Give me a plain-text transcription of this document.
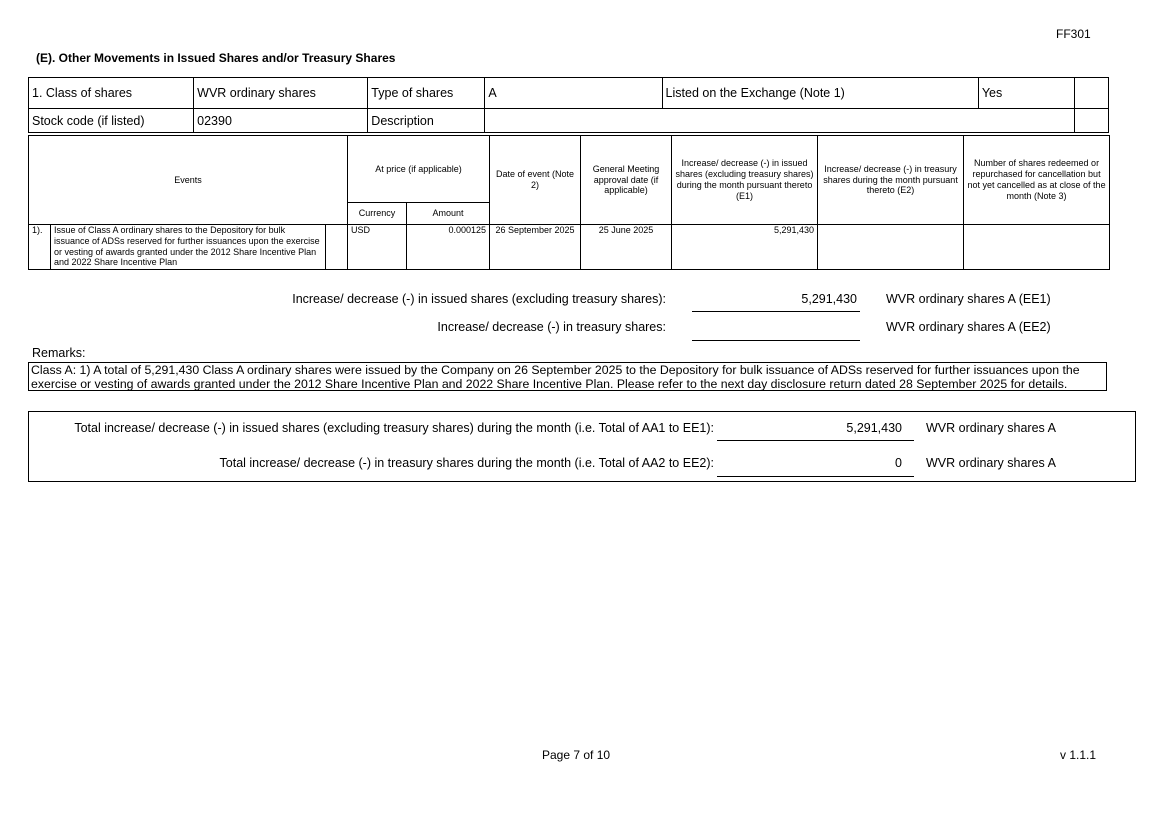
FF301
(E). Other Movements in Issued Shares and/or Treasury Shares
1. Class of shares	WVR ordinary shares	Type of shares	A	Listed on the Exchange (Note 1)	Yes	
Stock code (if listed)	02390	Description				
Events			At price (if applicable)		Date of event (Note 2)	General Meeting approval date (if applicable)	Increase/ decrease (-) in issued shares (excluding treasury shares) during the month pursuant thereto (E1)	Increase/ decrease (-) in treasury shares during the month pursuant thereto (E2)	Number of shares redeemed or repurchased for cancellation but not yet cancelled as at close of the month (Note 3)
			Currency	Amount					
1).	Issue of Class A ordinary shares to the Depository for bulk issuance of ADSs reserved for further issuances upon the exercise or vesting of awards granted under the 2012 Share Incentive Plan and 2022 Share Incentive Plan		USD	0.000125	26 September 2025	25 June 2025	5,291,430		
Increase/ decrease (-) in issued shares (excluding treasury shares):	5,291,430 WVR ordinary shares A (EE1)
Increase/ decrease (-) in treasury shares:	WVR ordinary shares A (EE2)
Remarks:
Class A: 1) A total of 5,291,430 Class A ordinary shares were issued by the Company on 26 September 2025 to the Depository for bulk issuance of ADSs reserved for further issuances upon the exercise or vesting of awards granted under the 2012 Share Incentive Plan and 2022 Share Incentive Plan. Please refer to the next day disclosure return dated 28 September 2025 for details.
Total increase/ decrease (-) in issued shares (excluding treasury shares) during the month (i.e. Total of AA1 to EE1):	5,291,430 WVR ordinary shares A
Total increase/ decrease (-) in treasury shares during the month (i.e. Total of AA2 to EE2):	0 WVR ordinary shares A
Page 7 of 10	v 1.1.1
